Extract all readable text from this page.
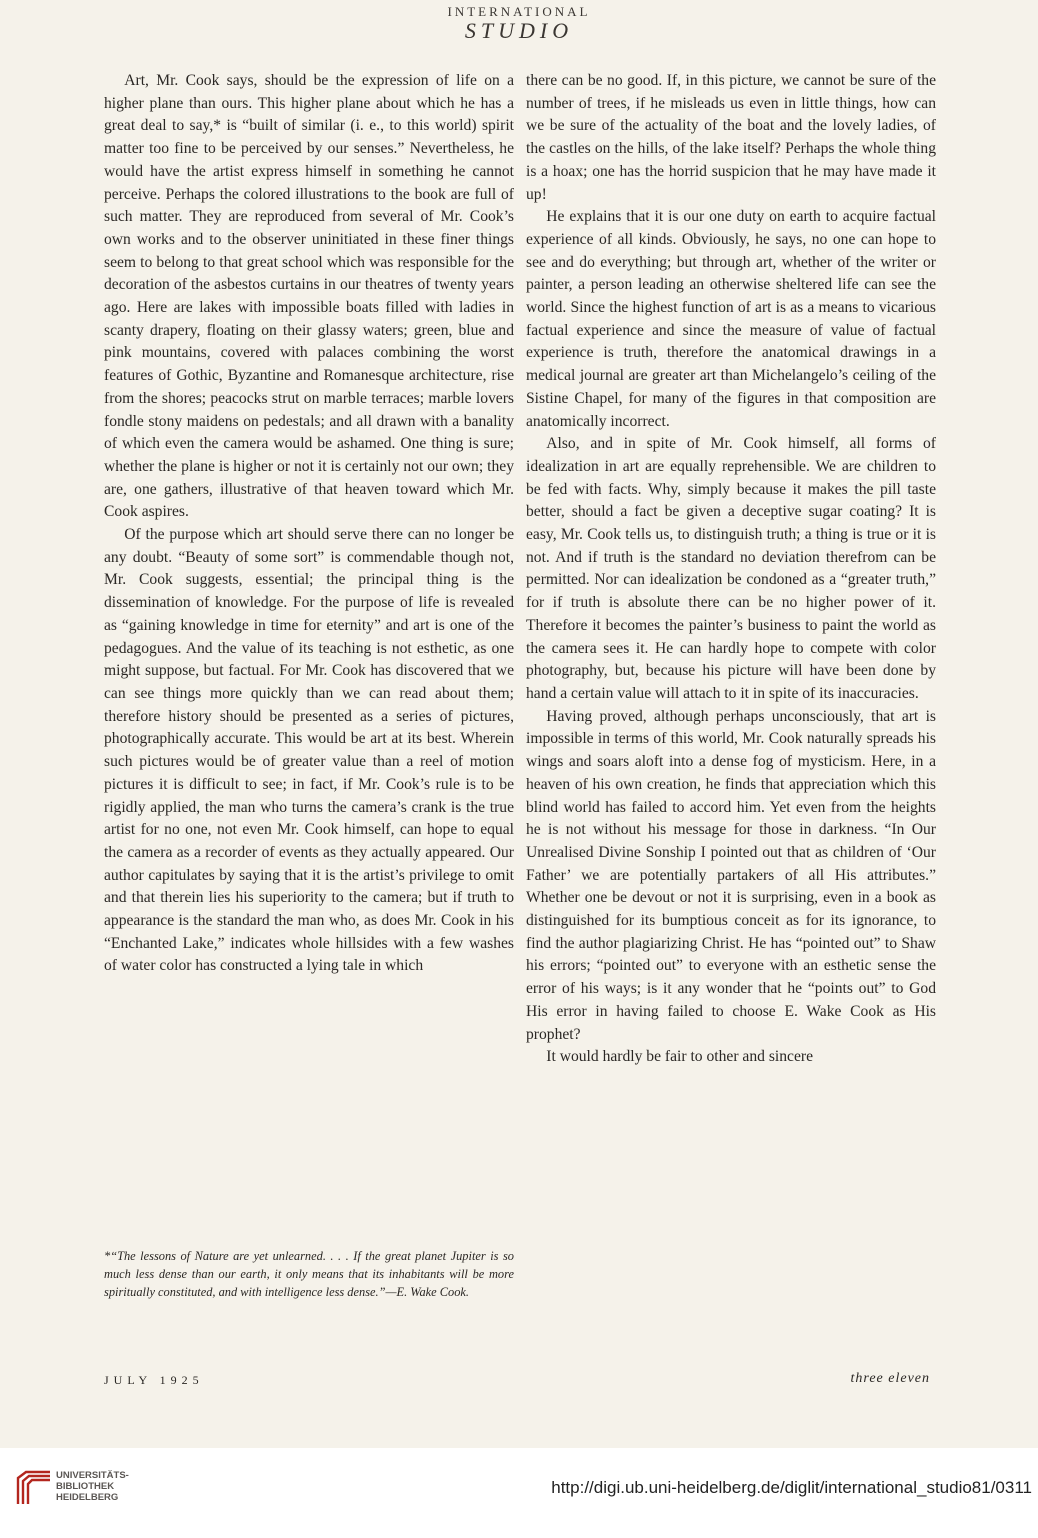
INTERNATIONAL
STUDIO

Art, Mr. Cook says, should be the expression of life on a higher plane than ours. This higher plane about which he has a great deal to say,* is “built of similar (i. e., to this world) spirit matter too fine to be perceived by our senses.” Nevertheless, he would have the artist express himself in something he cannot perceive. Perhaps the colored illustrations to the book are full of such matter. They are reproduced from several of Mr. Cook’s own works and to the observer uninitiated in these finer things seem to belong to that great school which was responsible for the decoration of the asbestos curtains in our theatres of twenty years ago. Here are lakes with impossible boats filled with ladies in scanty drapery, floating on their glassy waters; green, blue and pink mountains, covered with palaces combining the worst features of Gothic, Byzantine and Romanesque architecture, rise from the shores; peacocks strut on marble terraces; marble lovers fondle stony maidens on pedestals; and all drawn with a banality of which even the camera would be ashamed. One thing is sure; whether the plane is higher or not it is certainly not our own; they are, one gathers, illustrative of that heaven toward which Mr. Cook aspires.

Of the purpose which art should serve there can no longer be any doubt. “Beauty of some sort” is commendable though not, Mr. Cook suggests, essential; the principal thing is the dissemination of knowledge. For the purpose of life is revealed as “gaining knowledge in time for eternity” and art is one of the pedagogues. And the value of its teaching is not esthetic, as one might suppose, but factual. For Mr. Cook has discovered that we can see things more quickly than we can read about them; therefore history should be presented as a series of pictures, photographically accurate. This would be art at its best. Wherein such pictures would be of greater value than a reel of motion pictures it is difficult to see; in fact, if Mr. Cook’s rule is to be rigidly applied, the man who turns the camera’s crank is the true artist for no one, not even Mr. Cook himself, can hope to equal the camera as a recorder of events as they actually appeared. Our author capitulates by saying that it is the artist’s privilege to omit and that therein lies his superiority to the camera; but if truth to appearance is the standard the man who, as does Mr. Cook in his “Enchanted Lake,” indicates whole hillsides with a few washes of water color has constructed a lying tale in which

*“The lessons of Nature are yet unlearned. . . . If the great planet Jupiter is so much less dense than our earth, it only means that its inhabitants will be more spiritually constituted, and with intelligence less dense.”—E. Wake Cook.

there can be no good. If, in this picture, we cannot be sure of the number of trees, if he misleads us even in little things, how can we be sure of the actuality of the boat and the lovely ladies, of the castles on the hills, of the lake itself? Perhaps the whole thing is a hoax; one has the horrid suspicion that he may have made it up!

He explains that it is our one duty on earth to acquire factual experience of all kinds. Obviously, he says, no one can hope to see and do everything; but through art, whether of the writer or painter, a person leading an otherwise sheltered life can see the world. Since the highest function of art is as a means to vicarious factual experience and since the measure of value of factual experience is truth, therefore the anatomical drawings in a medical journal are greater art than Michelangelo’s ceiling of the Sistine Chapel, for many of the figures in that composition are anatomically incorrect.

Also, and in spite of Mr. Cook himself, all forms of idealization in art are equally reprehensible. We are children to be fed with facts. Why, simply because it makes the pill taste better, should a fact be given a deceptive sugar coating? It is easy, Mr. Cook tells us, to distinguish truth; a thing is true or it is not. And if truth is the standard no deviation therefrom can be permitted. Nor can idealization be condoned as a “greater truth,” for if truth is absolute there can be no higher power of it. Therefore it becomes the painter’s business to paint the world as the camera sees it. He can hardly hope to compete with color photography, but, because his picture will have been done by hand a certain value will attach to it in spite of its inaccuracies.

Having proved, although perhaps unconsciously, that art is impossible in terms of this world, Mr. Cook naturally spreads his wings and soars aloft into a dense fog of mysticism. Here, in a heaven of his own creation, he finds that appreciation which this blind world has failed to accord him. Yet even from the heights he is not without his message for those in darkness. “In Our Unrealised Divine Sonship I pointed out that as children of ‘Our Father’ we are potentially partakers of all His attributes.” Whether one be devout or not it is surprising, even in a book as distinguished for its bumptious conceit as for its ignorance, to find the author plagiarizing Christ. He has “pointed out” to Shaw his errors; “pointed out” to everyone with an esthetic sense the error of his ways; is it any wonder that he “points out” to God His error in having failed to choose E. Wake Cook as His prophet?

It would hardly be fair to other and sincere

JULY 1925	three eleven
UNIVERSITÄTS-
BIBLIOTHEK
HEIDELBERG
http://digi.ub.uni-heidelberg.de/diglit/international_studio81/0311
